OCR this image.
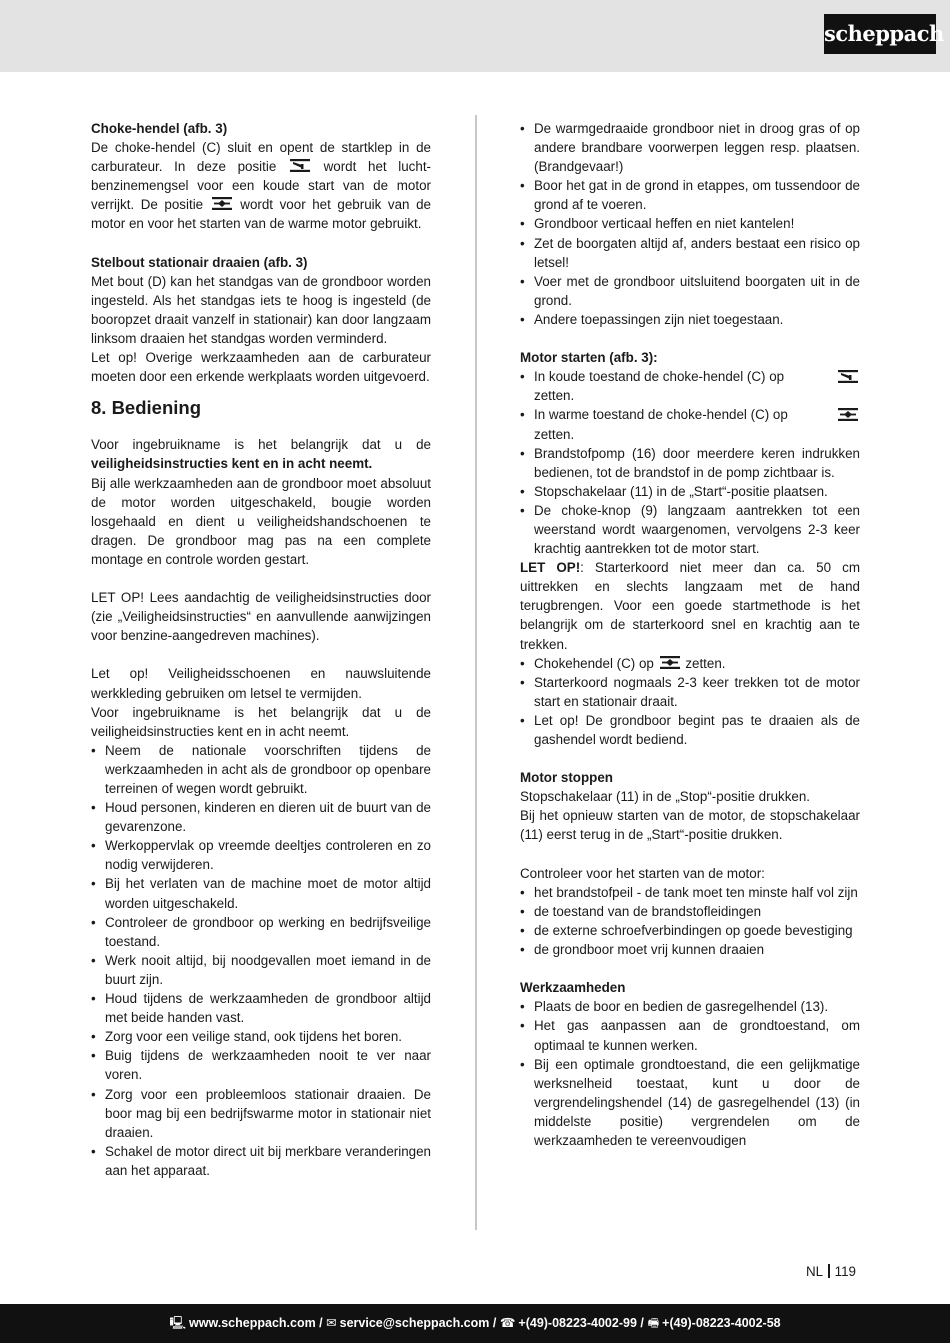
scheppach

Choke-hendel (afb. 3)

De choke-hendel (C) sluit en opent de startklep in de carburateur. In deze positie	wordt het lucht-benzinemengsel voor een koude start van de motor verrijkt. De positie	wordt voor het gebruik van de motor en voor het starten van de warme motor gebruikt.

Stelbout stationair draaien (afb. 3)

Met bout (D) kan het standgas van de grondboor worden ingesteld. Als het standgas iets te hoog is ingesteld (de booropzet draait vanzelf in stationair) kan door langzaam linksom draaien het standgas worden verminderd.

Let op! Overige werkzaamheden aan de carburateur moeten door een erkende werkplaats worden uitgevoerd.

8. Bediening

Voor ingebruikname is het belangrijk dat u de veiligheidsinstructies kent en in acht neemt.

Bij alle werkzaamheden aan de grondboor moet absoluut de motor worden uitgeschakeld, bougie worden losgehaald en dient u veiligheidshandschoenen te dragen. De grondboor mag pas na een complete montage en controle worden gestart.

LET OP! Lees aandachtig de veiligheidsinstructies door (zie „Veiligheidsinstructies“ en aanvullende aanwijzingen voor benzine-aangedreven machines).

Let op! Veiligheidsschoenen en nauwsluitende werkkleding gebruiken om letsel te vermijden.

Voor ingebruikname is het belangrijk dat u de veiligheidsinstructies kent en in acht neemt.

• Neem de nationale voorschriften tijdens de werkzaamheden in acht als de grondboor op openbare terreinen of wegen wordt gebruikt.
• Houd personen, kinderen en dieren uit de buurt van de gevarenzone.
• Werkoppervlak op vreemde deeltjes controleren en zo nodig verwijderen.
• Bij het verlaten van de machine moet de motor altijd worden uitgeschakeld.
• Controleer de grondboor op werking en bedrijfsveilige toestand.
• Werk nooit altijd, bij noodgevallen moet iemand in de buurt zijn.
• Houd tijdens de werkzaamheden de grondboor altijd met beide handen vast.
• Zorg voor een veilige stand, ook tijdens het boren.
• Buig tijdens de werkzaamheden nooit te ver naar voren.
• Zorg voor een probleemloos stationair draaien. De boor mag bij een bedrijfswarme motor in stationair niet draaien.
• Schakel de motor direct uit bij merkbare veranderingen aan het apparaat.
• De warmgedraaide grondboor niet in droog gras of op andere brandbare voorwerpen leggen resp. plaatsen. (Brandgevaar!)
• Boor het gat in de grond in etappes, om tussendoor de grond af te voeren.
• Grondboor verticaal heffen en niet kantelen!
• Zet de boorgaten altijd af, anders bestaat een risico op letsel!
• Voer met de grondboor uitsluitend boorgaten uit in de grond.
• Andere toepassingen zijn niet toegestaan.

Motor starten (afb. 3):

• In koude toestand de choke-hendel (C) op
zetten.
• In warme toestand de choke-hendel (C) op
zetten.
• Brandstofpomp (16) door meerdere keren indrukken bedienen, tot de brandstof in de pomp zichtbaar is.
• Stopschakelaar (11) in de „Start“-positie plaatsen.
• De choke-knop (9) langzaam aantrekken tot een weerstand wordt waargenomen, vervolgens 2-3 keer krachtig aantrekken tot de motor start.

LET OP!: Starterkoord niet meer dan ca. 50 cm uittrekken en slechts langzaam met de hand terugbrengen. Voor een goede startmethode is het belangrijk om de starterkoord snel en krachtig aan te trekken.

• Chokehendel (C) op zetten.
• Starterkoord nogmaals 2-3 keer trekken tot de motor start en stationair draait.
• Let op! De grondboor begint pas te draaien als de gashendel wordt bediend.

Motor stoppen

Stopschakelaar (11) in de „Stop“-positie drukken.

Bij het opnieuw starten van de motor, de stopschakelaar (11) eerst terug in de „Start“-positie drukken.

Controleer voor het starten van de motor:

• het brandstofpeil - de tank moet ten minste half vol zijn
• de toestand van de brandstofleidingen
• de externe schroefverbindingen op goede bevestiging
• de grondboor moet vrij kunnen draaien

Werkzaamheden

• Plaats de boor en bedien de gasregelhendel (13).
• Het gas aanpassen aan de grondtoestand, om optimaal te kunnen werken.
• Bij een optimale grondtoestand, die een gelijkmatige werksnelheid toestaat, kunt u door de vergrendelingshendel (14) de gasregelhendel (13) (in middelste positie) vergrendelen om de werkzaamheden te vereenvoudigen
NL 119
🖳 www.scheppach.com / ✉ service@scheppach.com / ☎ +(49)-08223-4002-99 / 🖷 +(49)-08223-4002-58
